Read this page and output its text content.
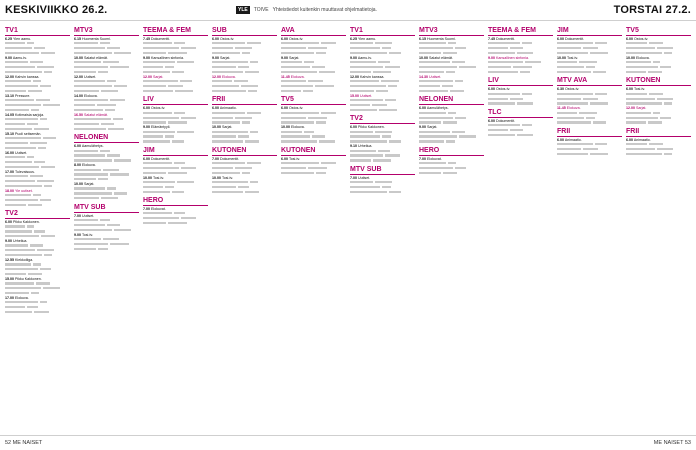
KESKIVIIKKO 26.2.	YLE	TOIVE Yhteistiedot kuitenkin muuttavat ohjelmatietoja.	TORSTAI 27.2.
TV1
6.25 Ylen aamu.
9.00 Aamu-tv.
12.00 Kahvin kanssa.
13.10 Pressure.
14.05 Kotimaisia sarjoja.
15.10 Puoli seitsemän.
16.00 Uutiset.
17.00 Tulevaisuus.
18.00 Yle uutiset.
TV2
6.00 Pikku Kakkonen.
9.00 Urheilua.
12.55 Kiekkoliiga.
15.00 Pikku Kakkonen.
17.00 Elokuva.
MTV3
6.15 Huomenta Suomi.
10.00 Salatut elämät.
12.00 Uutiset.
14.00 Elokuva.
16.50 Salatut elämät.
NELONEN
6.00 Aamulähetys.
8.00 Elokuva.
10.00 Sarjat.
MTV SUB
7.00 Uutiset.
9.00 Tosi-tv.
TEEMA & FEM
7.45 Dokumentti.
9.00 Kansallinen sinfonia.
12.00 Sarjat.
LIV
6.00 Ostos-tv.
9.00 Elämäntyyli.
JIM
6.00 Dokumentit.
10.00 Tosi-tv.
HERO
7.00 Elokuvat.
SUB
6.00 Ostos-tv.
9.00 Sarjat.
12.00 Elokuva.
FRII
6.00 Animaatio.
10.00 Sarjat.
KUTONEN
7.00 Dokumentit.
10.00 Tosi-tv.
AVA
6.00 Ostos-tv.
9.00 Sarjat.
11.45 Elokuva.
TV5
6.00 Ostos-tv.
10.00 Elokuva.
KUTONEN
6.00 Tosi-tv.
TV1
6.25 Ylen aamu.
9.00 Aamu-tv.
12.00 Kahvin kanssa.
15.00 Uutiset.
TV2
6.00 Pikku Kakkonen.
9.10 Urheilua.
MTV SUB
7.00 Uutiset.
MTV3
6.15 Huomenta Suomi.
10.00 Salatut elämät.
14.30 Uutiset.
NELONEN
6.00 Aamulähetys.
9.00 Sarjat.
HERO
7.00 Elokuvat.
TEEMA & FEM
7.45 Dokumentti.
9.00 Kansallinen sinfonia.
LIV
6.00 Ostos-tv.
TLC
6.00 Dokumentit.
JIM
6.00 Dokumentit.
10.00 Tosi-tv.
MTV AVA
6.30 Ostos-tv.
11.45 Elokuva.
FRII
6.00 Animaatio.
TV5
6.00 Ostos-tv.
10.00 Elokuva.
KUTONEN
6.00 Tosi-tv.
12.00 Sarjat.
FRII
6.00 Animaatio.
52 ME NAISET	ME NAISET 53
